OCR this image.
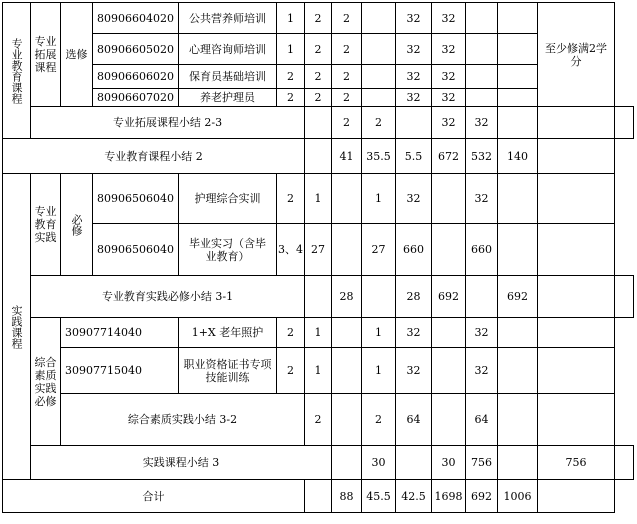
专业教育课程	专业拓展课程	选修	80906604020	公共营养师培训	1	2	2		32	32			至少修满2学分	
			80906605020	心理咨询师培训	1	2	2		32	32				
			80906606020	保育员基础培训	2	2	2		32	32				
			80906607020	养老护理员	2	2	2		32	32				
	专业拓展课程小结 2-3						2	2		32	32			
专业教育课程小结 2							41	35.5	5.5	672	532	140		
实践课程	专业教育实践	必修	80906506040	护理综合实训	2	1		1	32		32			
			80906506040	毕业实习（含毕业教育）	3、4	27		27	660		660			
	专业教育实践必修小结 3-1						28		28	692		692		
	综合素质实践必修	30907714040		1+X 老年照护	2	1		1	32		32			
		30907715040		职业资格证书专项技能训练	2	1		1	32		32			
		综合素质实践小结 3-2				2		2	64		64			
	实践课程小结 3							30		30	756		756	
合计							88	45.5	42.5	1698	692	1006		
